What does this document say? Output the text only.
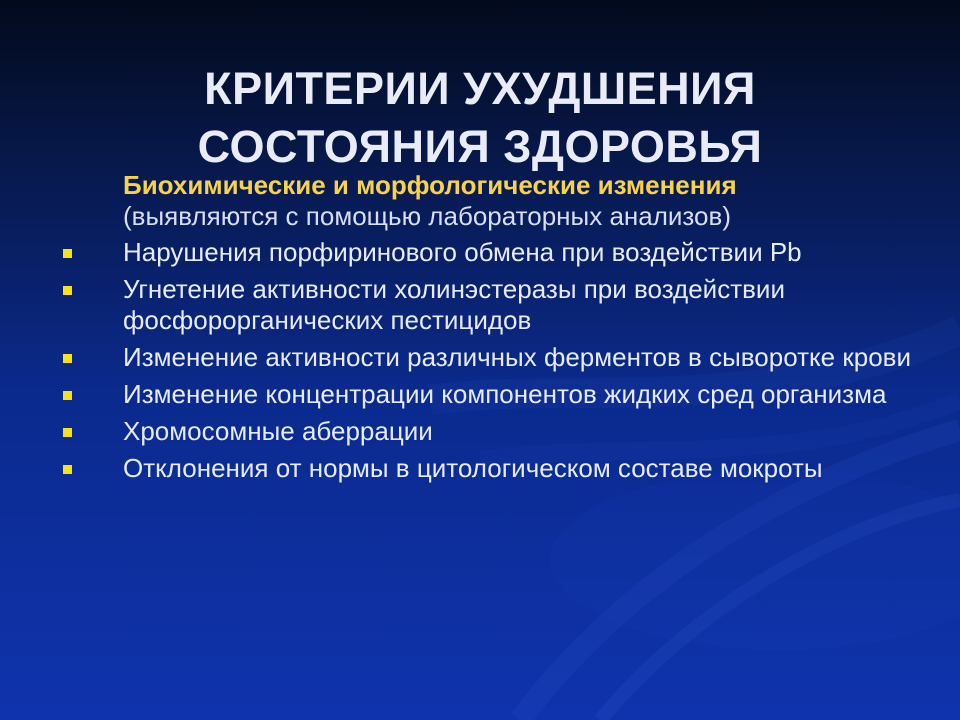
КРИТЕРИИ УХУДШЕНИЯ
СОСТОЯНИЯ ЗДОРОВЬЯ
Биохимические и морфологические изменения
(выявляются с помощью лабораторных анализов)
Нарушения порфиринового обмена при воздействии Pb
Угнетение активности холинэстеразы при воздействии фосфорорганических пестицидов
Изменение активности различных ферментов в сыворотке крови
Изменение концентрации компонентов жидких сред организма
Хромосомные аберрации
Отклонения от нормы в цитологическом составе мокроты
